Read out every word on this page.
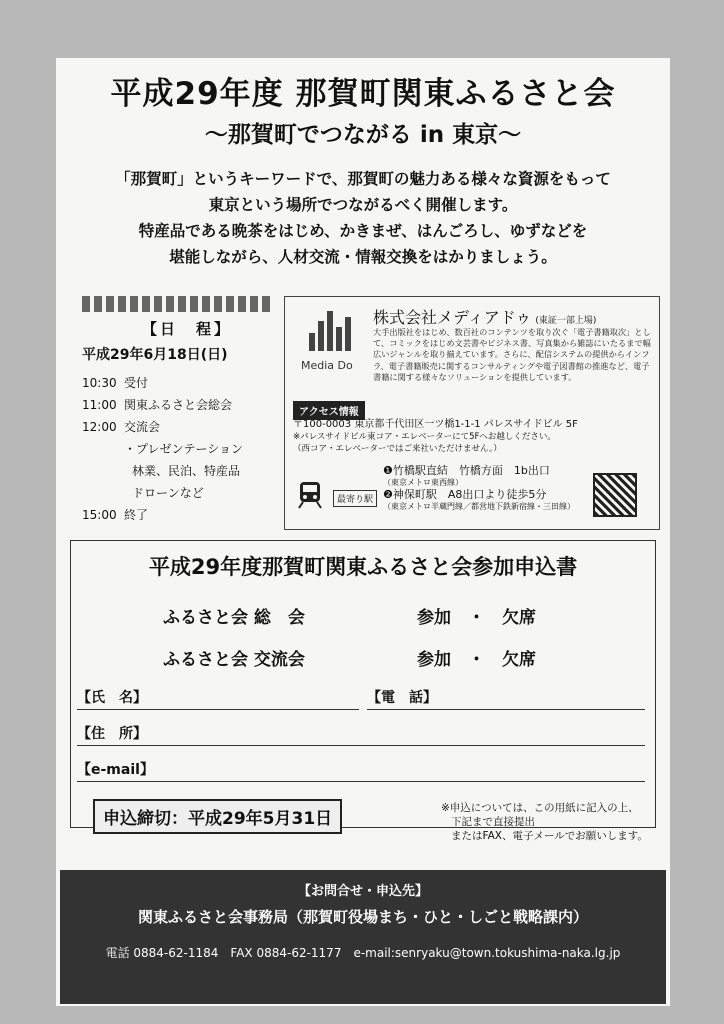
平成29年度 那賀町関東ふるさと会
〜那賀町でつながる in 東京〜
「那賀町」というキーワードで、那賀町の魅力ある様々な資源をもって
東京という場所でつながるべく開催します。
特産品である晩茶をはじめ、かきまぜ、はんごろし、ゆずなどを
堪能しながら、人材交流・情報交換をはかりましょう。
【日　程】
平成29年6月18日(日)
10:30 受付
11:00 関東ふるさと会総会
12:00 交流会
・プレゼンテーション
林業、民泊、特産品
ドローンなど
15:00 終了
Media Do
株式会社メディアドゥ (東証一部上場)
大手出版社をはじめ、数百社のコンテンツを取り次ぐ「電子書籍取次」として、コミックをはじめ文芸書やビジネス書、写真集から雑誌にいたるまで幅広いジャンルを取り揃えています。さらに、配信システムの提供からインフラ、電子書籍販売に関するコンサルティングや電子図書館の推進など、電子書籍に関する様々なソリューションを提供しています。
アクセス情報
〒100-0003 東京都千代田区一ツ橋1-1-1 パレスサイドビル 5F
※パレスサイドビル東コア・エレベーターにて5Fへお越しください。
（西コア・エレベーターではご来社いただけません。）
最寄り駅
❶竹橋駅直結　竹橋方面　1b出口
（東京メトロ東西線）
❷神保町駅　A8出口より徒歩5分
（東京メトロ半蔵門線／都営地下鉄新宿線・三田線）
平成29年度那賀町関東ふるさと会参加申込書
ふるさと会 総　会	参加　・　欠席
ふるさと会 交流会	参加　・　欠席
【氏　名】	【電　話】
【住　所】
【e-mail】
申込締切：平成29年5月31日
※申込については、この用紙に記入の上、
下記まで直接提出
またはFAX、電子メールでお願いします。
【お問合せ・申込先】
関東ふるさと会事務局（那賀町役場まち・ひと・しごと戦略課内）
電話 0884-62-1184　FAX 0884-62-1177　e-mail:senryaku@town.tokushima-naka.lg.jp
